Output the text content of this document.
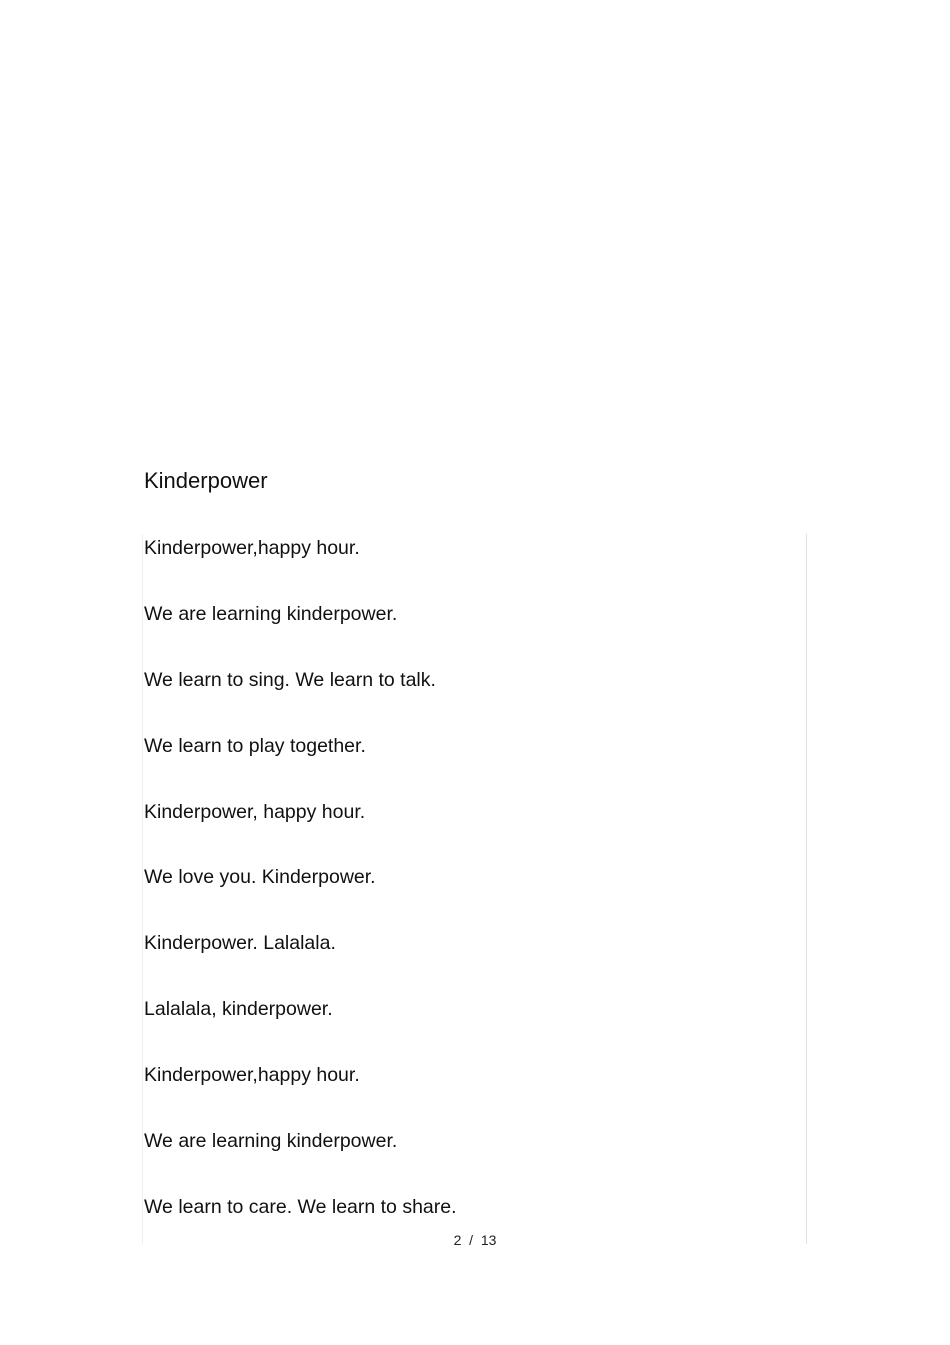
Kinderpower
Kinderpower,happy hour.
We are learning kinderpower.
We learn to sing. We learn to talk.
We learn to play together.
Kinderpower, happy hour.
We love you. Kinderpower.
Kinderpower. Lalalala.
Lalalala, kinderpower.
Kinderpower,happy hour.
We are learning kinderpower.
We learn to care. We learn to share.
2  /  13
